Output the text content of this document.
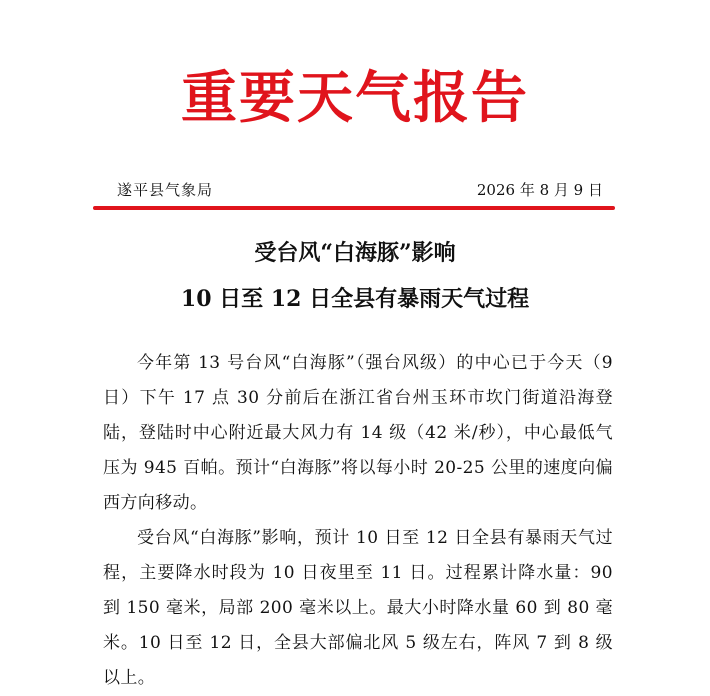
重要天气报告
遂平县气象局	2026 年 8 月 9 日
受台风“白海豚”影响
10 日至 12 日全县有暴雨天气过程

今年第 13 号台风“白海豚”（强台风级）的中心已于今天（9 日）下午 17 点 30 分前后在浙江省台州玉环市坎门街道沿海登陆，登陆时中心附近最大风力有 14 级（42 米/秒），中心最低气压为 945 百帕。预计“白海豚”将以每小时 20-25 公里的速度向偏西方向移动。

受台风“白海豚”影响，预计 10 日至 12 日全县有暴雨天气过程，主要降水时段为 10 日夜里至 11 日。过程累计降水量：90 到 150 毫米，局部 200 毫米以上。最大小时降水量 60 到 80 毫米。10 日至 12 日，全县大部偏北风 5 级左右，阵风 7 到 8 级以上。
